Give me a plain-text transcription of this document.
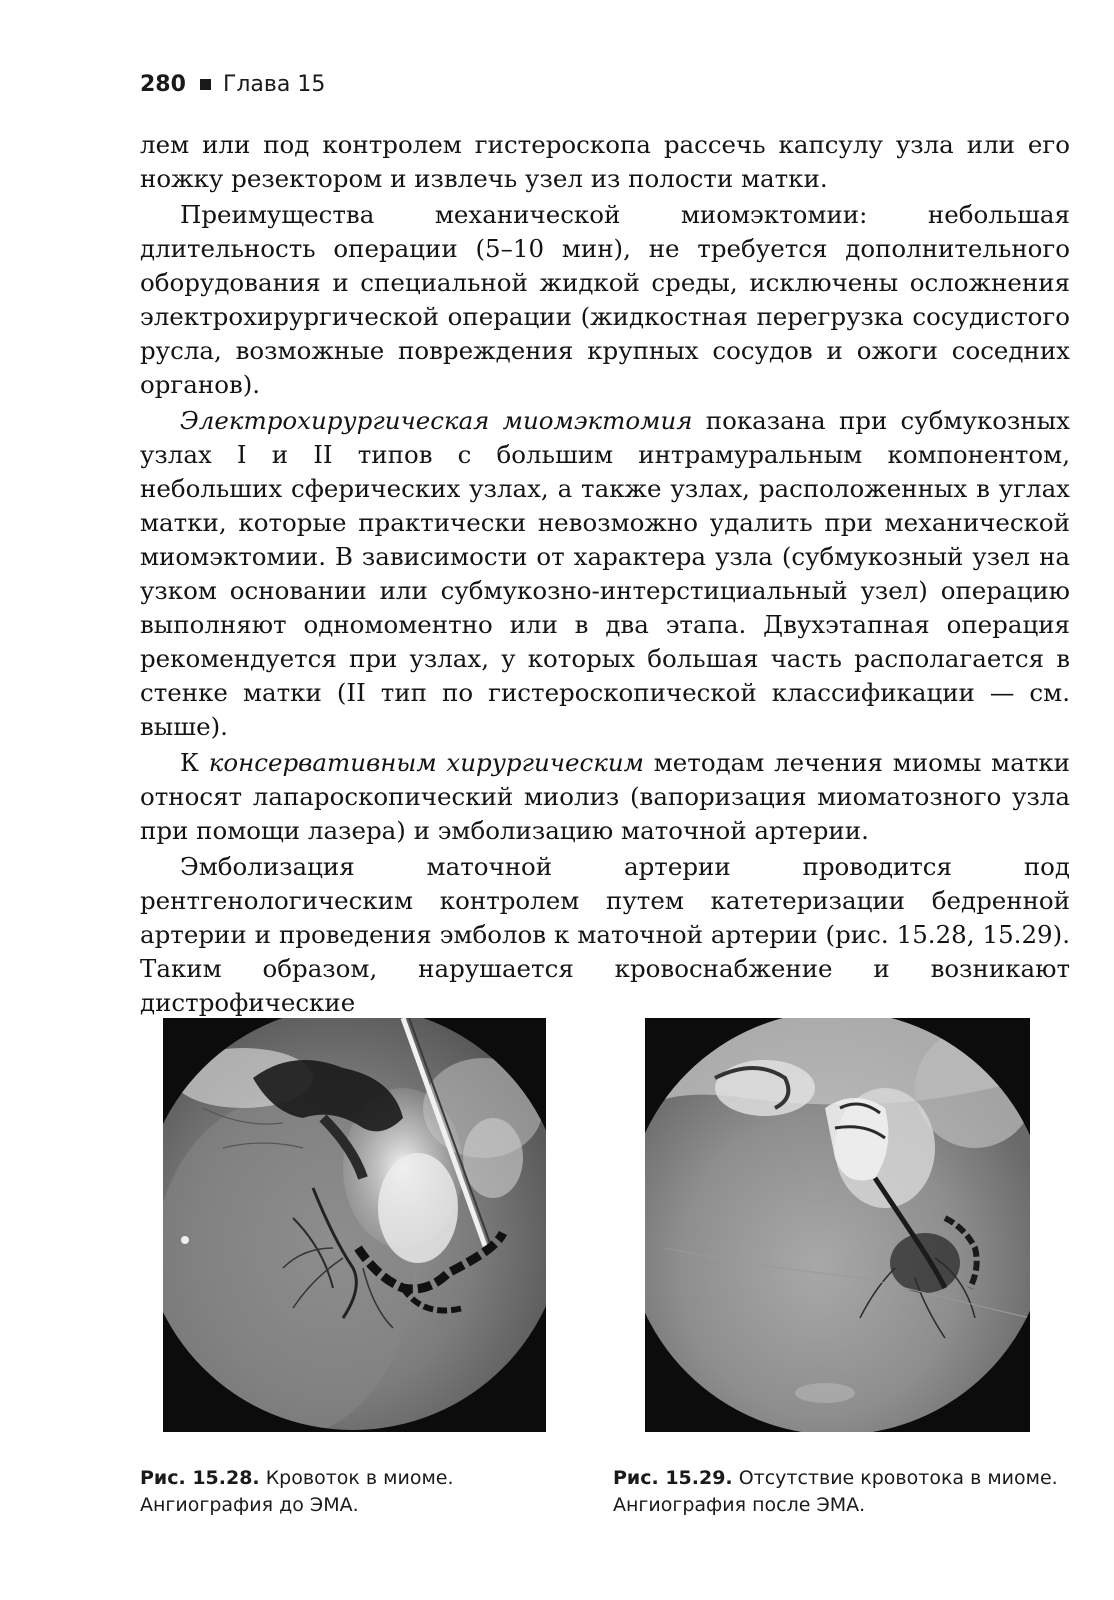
280 Глава 15

лем или под контролем гистероскопа рассечь капсулу узла или его ножку резектором и извлечь узел из полости матки.

Преимущества механической миомэктомии: небольшая длительность операции (5–10 мин), не требуется дополнительного оборудования и специальной жидкой среды, исключены осложнения электрохирургической операции (жидкостная перегрузка сосудистого русла, возможные повреждения крупных сосудов и ожоги соседних органов).

Электрохирургическая миомэктомия показана при субмукозных узлах I и II типов с большим интрамуральным компонентом, небольших сферических узлах, а также узлах, расположенных в углах матки, которые практически невозможно удалить при механической миомэктомии. В зависимости от характера узла (субмукозный узел на узком основании или субмукозно-интерстициальный узел) операцию выполняют одномоментно или в два этапа. Двухэтапная операция рекомендуется при узлах, у которых большая часть располагается в стенке матки (II тип по гистероскопической классификации — см. выше).

К консервативным хирургическим методам лечения миомы матки относят лапароскопический миолиз (вапоризация миоматозного узла при помощи лазера) и эмболизацию маточной артерии.

Эмболизация маточной артерии проводится под рентгенологическим контролем путем катетеризации бедренной артерии и проведения эмболов к маточной артерии (рис. 15.28, 15.29). Таким образом, нарушается кровоснабжение и возникают дистрофические

Рис. 15.28. Кровоток в миоме. Ангиография до ЭМА.
Рис. 15.29. Отсутствие кровотока в миоме. Ангиография после ЭМА.
